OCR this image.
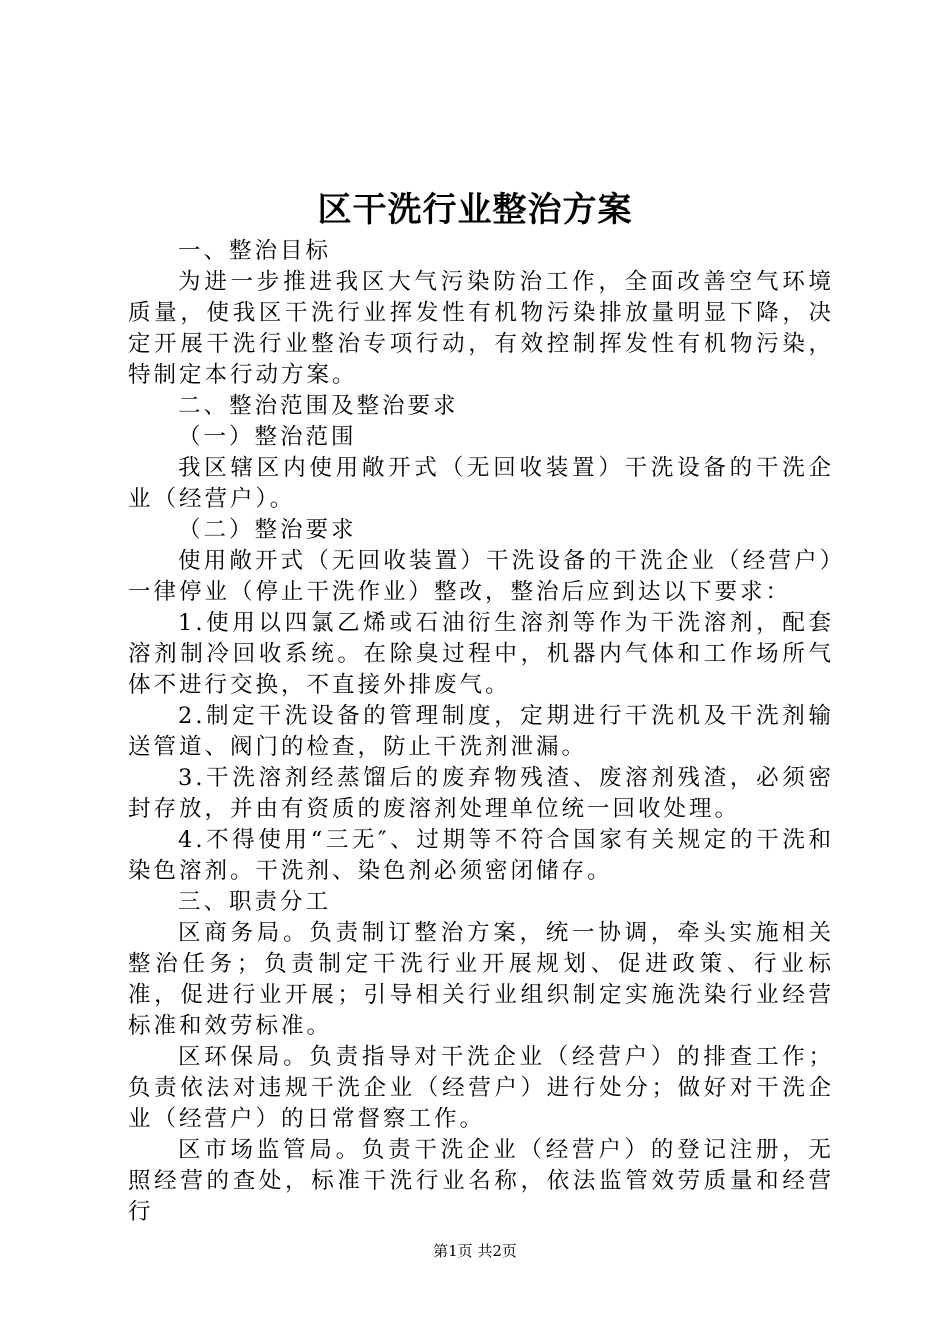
区干洗行业整治方案

一、整治目标

为进一步推进我区大气污染防治工作，全面改善空气环境质量，使我区干洗行业挥发性有机物污染排放量明显下降，决定开展干洗行业整治专项行动，有效控制挥发性有机物污染，特制定本行动方案。

二、整治范围及整治要求

（一）整治范围

我区辖区内使用敞开式（无回收装置）干洗设备的干洗企业（经营户）。

（二）整治要求

使用敞开式（无回收装置）干洗设备的干洗企业（经营户）一律停业（停止干洗作业）整改，整治后应到达以下要求：

1.使用以四氯乙烯或石油衍生溶剂等作为干洗溶剂，配套溶剂制冷回收系统。在除臭过程中，机器内气体和工作场所气体不进行交换，不直接外排废气。

2.制定干洗设备的管理制度，定期进行干洗机及干洗剂输送管道、阀门的检查，防止干洗剂泄漏。

3.干洗溶剂经蒸馏后的废弃物残渣、废溶剂残渣，必须密封存放，并由有资质的废溶剂处理单位统一回收处理。

4.不得使用“三无″、过期等不符合国家有关规定的干洗和染色溶剂。干洗剂、染色剂必须密闭储存。

三、职责分工

区商务局。负责制订整治方案，统一协调，牵头实施相关整治任务；负责制定干洗行业开展规划、促进政策、行业标准，促进行业开展；引导相关行业组织制定实施洗染行业经营标准和效劳标准。

区环保局。负责指导对干洗企业（经营户）的排查工作；负责依法对违规干洗企业（经营户）进行处分；做好对干洗企业（经营户）的日常督察工作。

区市场监管局。负责干洗企业（经营户）的登记注册，无照经营的查处，标准干洗行业名称，依法监管效劳质量和经营行

第1页 共2页
